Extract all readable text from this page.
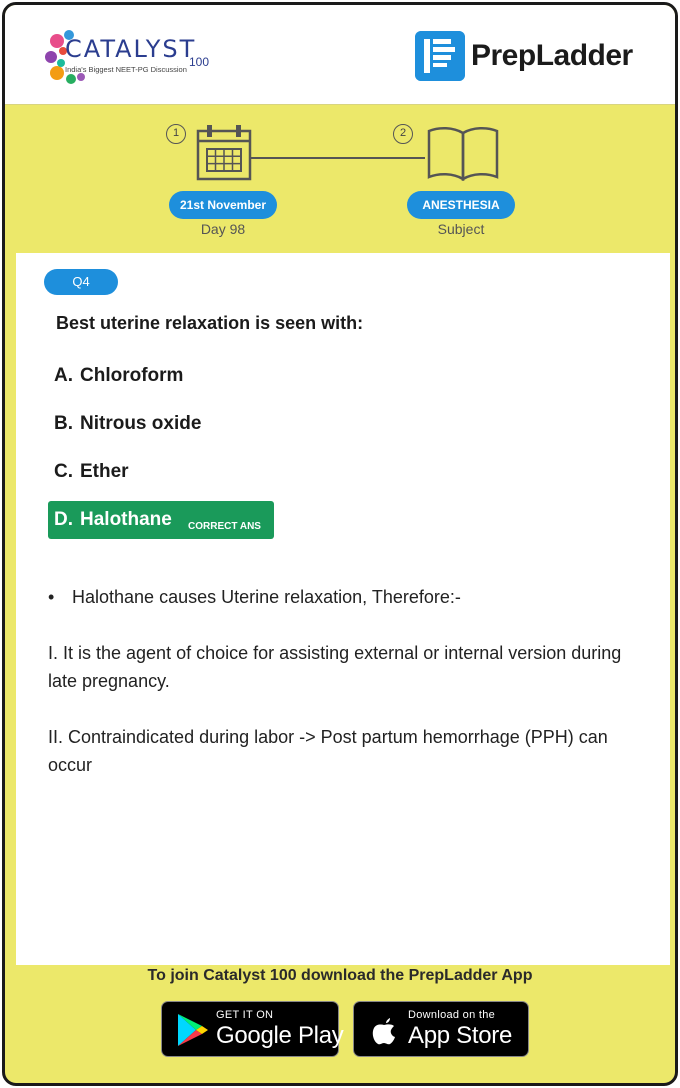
CATALYST
100
India's Biggest NEET-PG Discussion	PrepLadder
1	2
21st November
Day 98
ANESTHESIA
Subject
Q4
Best uterine relaxation is seen with:
A. Chloroform
B. Nitrous oxide
C. Ether
D. Halothane CORRECT ANS
• Halothane causes Uterine relaxation, Therefore:-
I. It is the agent of choice for assisting external or internal version during late pregnancy.
II. Contraindicated during labor -> Post partum hemorrhage (PPH) can occur
To join Catalyst 100 download the PrepLadder App
GET IT ON
Google Play
Download on the
App Store
